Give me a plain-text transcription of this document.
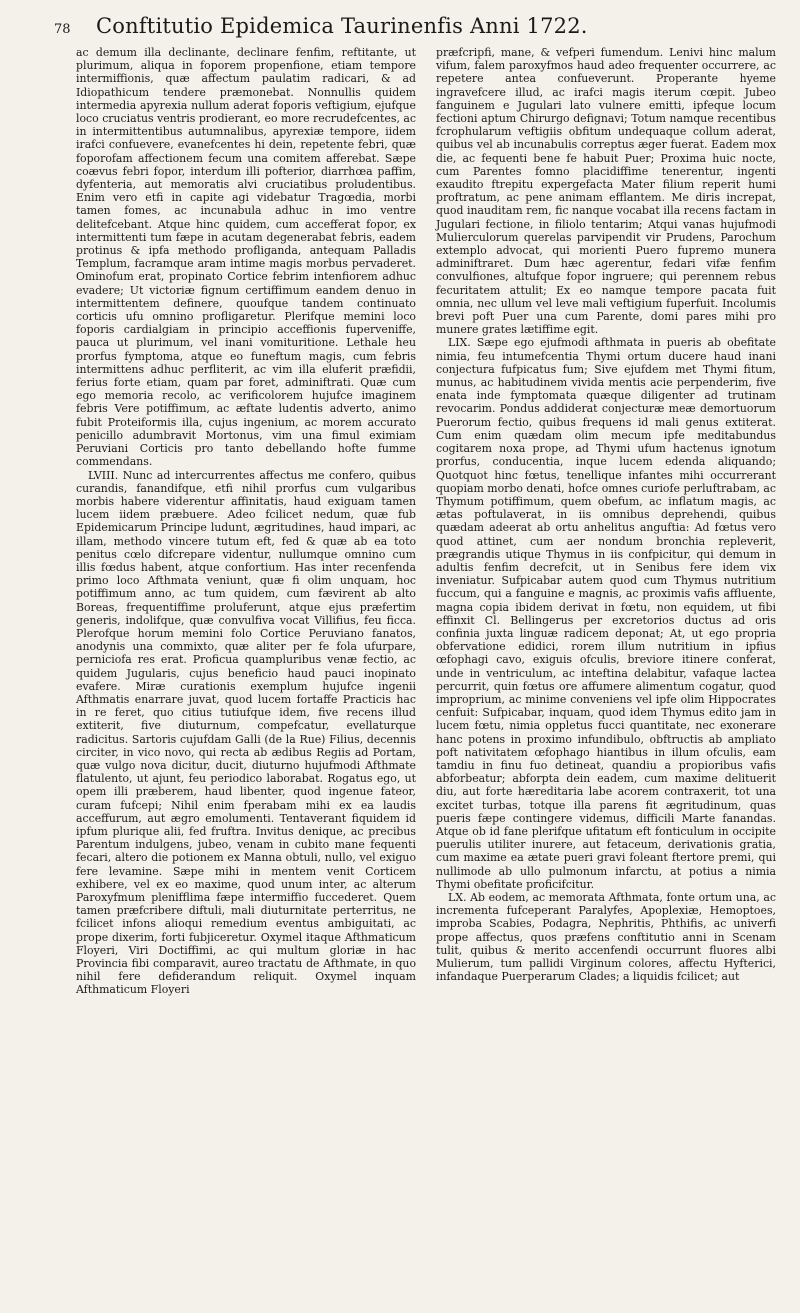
78	Conftitutio Epidemica Taurinenfis Anni 1722.

ac demum illa declinante, declinare fenfim, reftitante, ut plurimum, aliqua in foporem propenfione, etiam tempore intermiffionis, quæ affectum paulatim radicari, & ad Idiopathicum tendere præmonebat. Nonnullis quidem intermedia apyrexia nullum aderat foporis veftigium, ejufque loco cruciatus ventris prodierant, eo more recrudefcentes, ac in intermittentibus autumnalibus, apyrexiæ tempore, iidem irafci confuevere, evanefcentes hi dein, repetente febri, quæ foporofam affectionem fecum una comitem afferebat. Sæpe coævus febri fopor, interdum illi pofterior, diarrhœa paffim, dyfenteria, aut memoratis alvi cruciatibus proludentibus. Enim vero etfi in capite agi videbatur Tragœdia, morbi tamen fomes, ac incunabula adhuc in imo ventre delitefcebant. Atque hinc quidem, cum accefferat fopor, ex intermittenti tum fæpe in acutam degenerabat febris, eadem protinus & ipfa methodo profliganda, antequam Palladis Templum, facramque aram intime magis morbus pervaderet. Ominofum erat, propinato Cortice febrim intenfiorem adhuc evadere; Ut victoriæ fignum certiffimum eandem denuo in intermittentem definere, quoufque tandem continuato corticis ufu omnino profligaretur. Plerifque memini loco foporis cardialgiam in principio acceffionis fuperveniffe, pauca ut plurimum, vel inani vomituritione. Lethale heu prorfus fymptoma, atque eo funeftum magis, cum febris intermittens adhuc perfliterit, ac vim illa eluferit præfidii, ferius forte etiam, quam par foret, adminiftrati. Quæ cum ego memoria recolo, ac verificolorem hujufce imaginem febris Vere potiffimum, ac æftate ludentis adverto, animo fubit Proteiformis illa, cujus ingenium, ac morem accurato penicillo adumbravit Mortonus, vim una fimul eximiam Peruviani Corticis pro tanto debellando hofte fumme commendans.

LVIII. Nunc ad intercurrentes affectus me confero, quibus curandis, fanandifque, etfi nihil prorfus cum vulgaribus morbis habere viderentur affinitatis, haud exiguam tamen lucem iidem præbuere. Adeo fcilicet nedum, quæ fub Epidemicarum Principe ludunt, ægritudines, haud impari, ac illam, methodo vincere tutum eft, fed & quæ ab ea toto penitus cœlo difcrepare videntur, nullumque omnino cum illis fœdus habent, atque confortium. Has inter recenfenda primo loco Afthmata veniunt, quæ fi olim unquam, hoc potiffimum anno, ac tum quidem, cum fævirent ab alto Boreas, frequentiffime proluferunt, atque ejus præfertim generis, indolifque, quæ convulfiva vocat Villifius, feu ficca. Plerofque horum memini folo Cortice Peruviano fanatos, anodynis una commixto, quæ aliter per fe fola ufurpare, perniciofa res erat. Proficua quampluribus venæ fectio, ac quidem Jugularis, cujus beneficio haud pauci inopinato evafere. Miræ curationis exemplum hujufce ingenii Afthmatis enarrare juvat, quod lucem fortaffe Practicis hac in re feret, quo citius tutiufque idem, five recens illud extiterit, five diuturnum, compefcatur, evellaturque radicitus. Sartoris cujufdam Galli (de la Rue) Filius, decennis circiter, in vico novo, qui recta ab ædibus Regiis ad Portam, quæ vulgo nova dicitur, ducit, diuturno hujufmodi Afthmate flatulento, ut ajunt, feu periodico laborabat. Rogatus ego, ut opem illi præberem, haud libenter, quod ingenue fateor, curam fufcepi; Nihil enim fperabam mihi ex ea laudis acceffurum, aut ægro emolumenti. Tentaverant fiquidem id ipfum plurique alii, fed fruftra. Invitus denique, ac precibus Parentum indulgens, jubeo, venam in cubito mane fequenti fecari, altero die potionem ex Manna obtuli, nullo, vel exiguo fere levamine. Sæpe mihi in mentem venit Corticem exhibere, vel ex eo maxime, quod unum inter, ac alterum Paroxyfmum plenifflima fæpe intermiffio fuccederet. Quem tamen præfcribere diftuli, mali diuturnitate perterritus, ne fcilicet infons alioqui remedium eventus ambiguitati, ac prope dixerim, forti fubjiceretur. Oxymel itaque Afthmaticum Floyeri, Viri Doctiffimi, ac qui multum gloriæ in hac Provincia fibi comparavit, aureo tractatu de Afthmate, in quo nihil fere defiderandum reliquit. Oxymel inquam Afthmaticum Floyeri

præfcripfi, mane, & vefperi fumendum. Lenivi hinc malum vifum, falem paroxyfmos haud adeo frequenter occurrere, ac repetere antea confueverunt. Properante hyeme ingravefcere illud, ac irafci magis iterum cœpit. Jubeo fanguinem e Jugulari lato vulnere emitti, ipfeque locum fectioni aptum Chirurgo defignavi; Totum namque recentibus fcrophularum veftigiis obfitum undequaque collum aderat, quibus vel ab incunabulis correptus æger fuerat. Eadem mox die, ac fequenti bene fe habuit Puer; Proxima huic nocte, cum Parentes fomno placidiffime tenerentur, ingenti exaudito ftrepitu expergefacta Mater filium reperit humi proftratum, ac pene animam efflantem. Me diris increpat, quod inauditam rem, fic nanque vocabat illa recens factam in Jugulari fectione, in filiolo tentarim; Atqui vanas hujufmodi Mulierculorum querelas parvipendit vir Prudens, Parochum extemplo advocat, qui morienti Puero fupremo munera adminiftraret. Dum hæc agerentur, fedari vifæ fenfim convulfiones, altufque fopor ingruere; qui perennem rebus fecuritatem attulit; Ex eo namque tempore pacata fuit omnia, nec ullum vel leve mali veftigium fuperfuit. Incolumis brevi poft Puer una cum Parente, domi pares mihi pro munere grates lætiffime egit.

LIX. Sæpe ego ejufmodi afthmata in pueris ab obefitate nimia, feu intumefcentia Thymi ortum ducere haud inani conjectura fufpicatus fum; Sive ejufdem met Thymi fitum, munus, ac habitudinem vivida mentis acie perpenderim, five enata inde fymptomata quæque diligenter ad trutinam revocarim. Pondus addiderat conjecturæ meæ demortuorum Puerorum fectio, quibus frequens id mali genus extiterat. Cum enim quædam olim mecum ipfe meditabundus cogitarem noxa prope, ad Thymi ufum hactenus ignotum prorfus, conducentia, inque lucem edenda aliquando; Quotquot hinc fœtus, tenellique infantes mihi occurrerant quopiam morbo denati, hofce omnes curiofe perluftrabam, ac Thymum potiffimum, quem obefum, ac inflatum magis, ac ætas poftulaverat, in iis omnibus deprehendi, quibus quædam adeerat ab ortu anhelitus anguftia: Ad fœtus vero quod attinet, cum aer nondum bronchia repleverit, prægrandis utique Thymus in iis confpicitur, qui demum in adultis fenfim decrefcit, ut in Senibus fere idem vix inveniatur. Sufpicabar autem quod cum Thymus nutritium fuccum, qui a fanguine e magnis, ac proximis vafis affluente, magna copia ibidem derivat in fœtu, non equidem, ut fibi effinxit Cl. Bellingerus per excretorios ductus ad oris confinia juxta linguæ radicem deponat; At, ut ego propria obfervatione edidici, rorem illum nutritium in ipfius œfophagi cavo, exiguis ofculis, breviore itinere conferat, unde in ventriculum, ac inteftina delabitur, vafaque lactea percurrit, quin fœtus ore affumere alimentum cogatur, quod improprium, ac minime conveniens vel ipfe olim Hippocrates cenfuit: Sufpicabar, inquam, quod idem Thymus edito jam in lucem fœtu, nimia oppletus fucci quantitate, nec exonerare hanc potens in proximo infundibulo, obftructis ab ampliato poft nativitatem œfophago hiantibus in illum ofculis, eam tamdiu in finu fuo detineat, quandiu a propioribus vafis abforbeatur; abforpta dein eadem, cum maxime delituerit diu, aut forte hæreditaria labe acorem contraxerit, tot una excitet turbas, totque illa parens fit ægritudinum, quas pueris fæpe contingere videmus, difficili Marte fanandas. Atque ob id fane plerifque ufitatum eft fonticulum in occipite puerulis utiliter inurere, aut fetaceum, derivationis gratia, cum maxime ea ætate pueri gravi foleant ftertore premi, qui nullimode ab ullo pulmonum infarctu, at potius a nimia Thymi obefitate proficifcitur.

LX. Ab eodem, ac memorata Afthmata, fonte ortum una, ac incrementa fufceperant Paralyfes, Apoplexiæ, Hemoptoes, improba Scabies, Podagra, Nephritis, Phthifis, ac univerfi prope affectus, quos præfens conftitutio anni in Scenam tulit, quibus & merito accenfendi occurrunt fluores albi Mulierum, tum pallidi Virginum colores, affectu Hyfterici, infandaque Puerperarum Clades; a liquidis fcilicet; aut
